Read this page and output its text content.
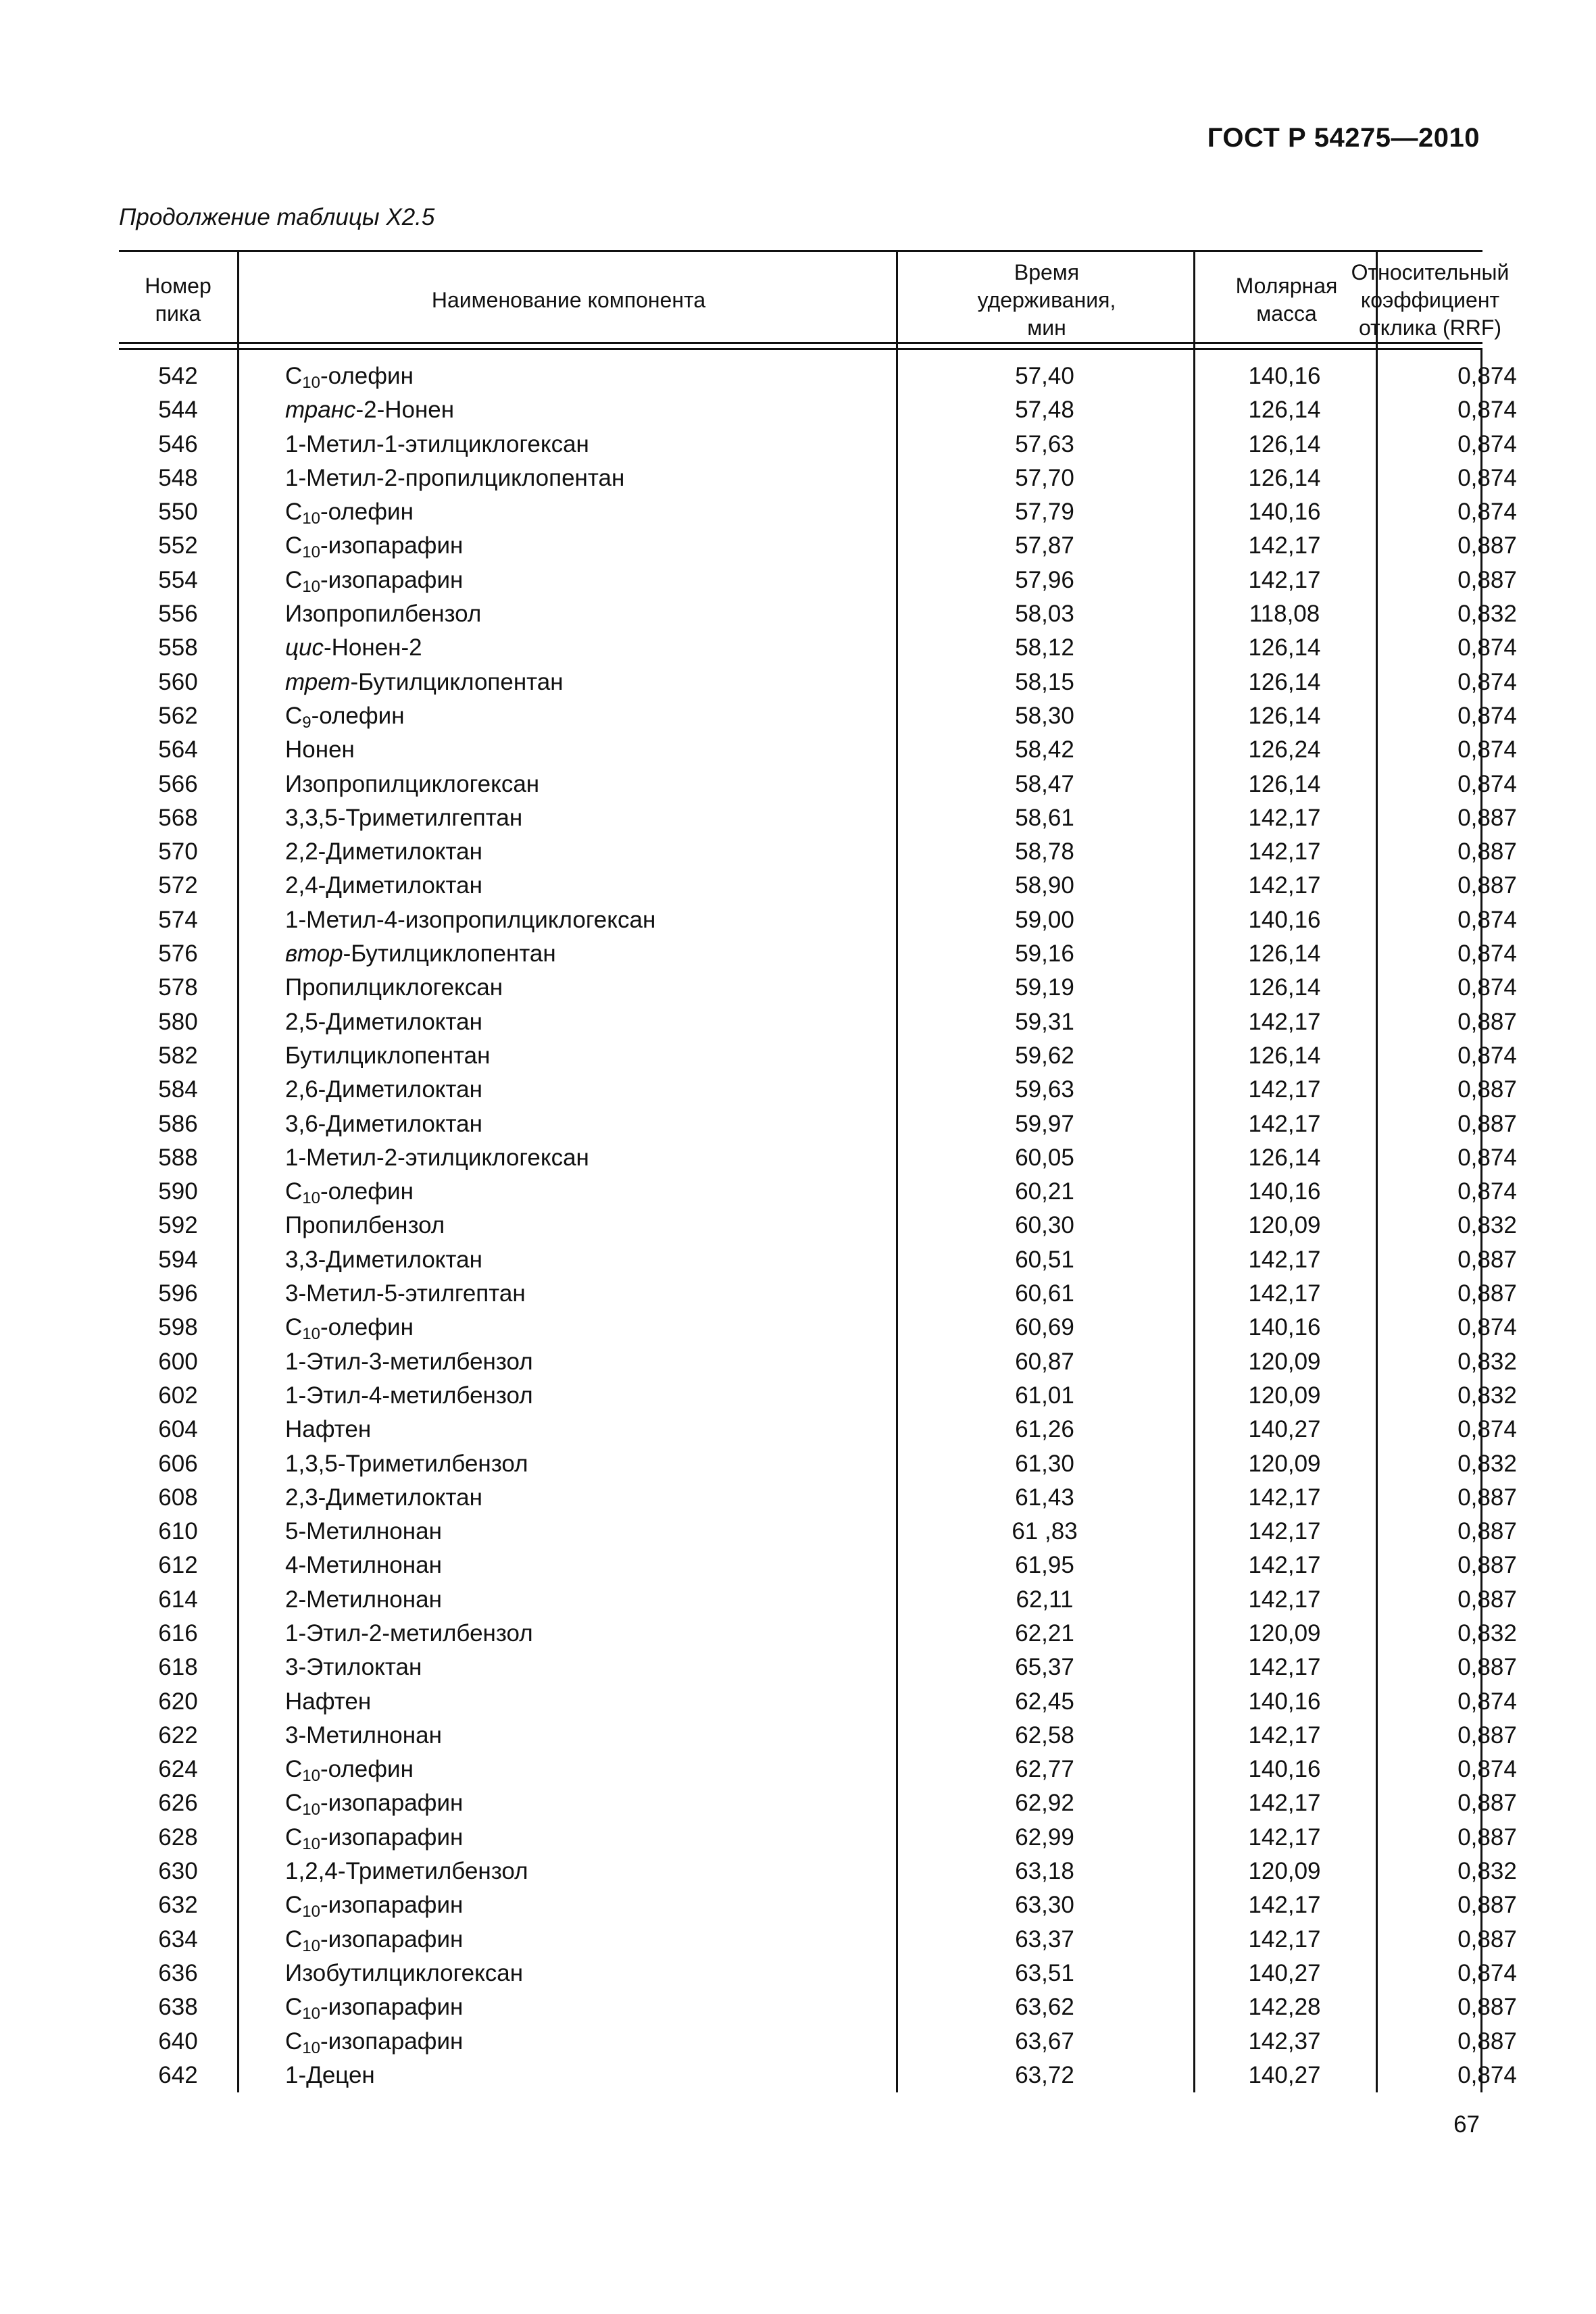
ГОСТ Р 54275—2010
Продолжение таблицы X2.5
Номер
пика
Наименование компонента
Время
удерживания,
мин
Молярная
масса
Относительный
коэффициент
отклика (RRF)
542	$C_{10}$-олефин	57,40	140,16	0,874
544	транс-2-Нонен	57,48	126,14	0,874
546	1-Метил-1-этилциклогексан	57,63	126,14	0,874
548	1-Метил-2-пропилциклопентан	57,70	126,14	0,874
550	$C_{10}$-олефин	57,79	140,16	0,874
552	$C_{10}$-изопарафин	57,87	142,17	0,887
554	$C_{10}$-изопарафин	57,96	142,17	0,887
556	Изопропилбензол	58,03	118,08	0,832
558	цис-Нонен-2	58,12	126,14	0,874
560	трет-Бутилциклопентан	58,15	126,14	0,874
562	$C_9$-олефин	58,30	126,14	0,874
564	Нонен	58,42	126,24	0,874
566	Изопропилциклогексан	58,47	126,14	0,874
568	3,3,5-Триметилгептан	58,61	142,17	0,887
570	2,2-Диметилоктан	58,78	142,17	0,887
572	2,4-Диметилоктан	58,90	142,17	0,887
574	1-Метил-4-изопропилциклогексан	59,00	140,16	0,874
576	втор-Бутилциклопентан	59,16	126,14	0,874
578	Пропилциклогексан	59,19	126,14	0,874
580	2,5-Диметилоктан	59,31	142,17	0,887
582	Бутилциклопентан	59,62	126,14	0,874
584	2,6-Диметилоктан	59,63	142,17	0,887
586	3,6-Диметилоктан	59,97	142,17	0,887
588	1-Метил-2-этилциклогексан	60,05	126,14	0,874
590	$C_{10}$-олефин	60,21	140,16	0,874
592	Пропилбензол	60,30	120,09	0,832
594	3,3-Диметилоктан	60,51	142,17	0,887
596	3-Метил-5-этилгептан	60,61	142,17	0,887
598	$C_{10}$-олефин	60,69	140,16	0,874
600	1-Этил-3-метилбензол	60,87	120,09	0,832
602	1-Этил-4-метилбензол	61,01	120,09	0,832
604	Нафтен	61,26	140,27	0,874
606	1,3,5-Триметилбензол	61,30	120,09	0,832
608	2,3-Диметилоктан	61,43	142,17	0,887
610	5-Метилнонан	61 ,83	142,17	0,887
612	4-Метилнонан	61,95	142,17	0,887
614	2-Метилнонан	62,11	142,17	0,887
616	1-Этил-2-метилбензол	62,21	120,09	0,832
618	3-Этилоктан	65,37	142,17	0,887
620	Нафтен	62,45	140,16	0,874
622	3-Метилнонан	62,58	142,17	0,887
624	$C_{10}$-олефин	62,77	140,16	0,874
626	$C_{10}$-изопарафин	62,92	142,17	0,887
628	$C_{10}$-изопарафин	62,99	142,17	0,887
630	1,2,4-Триметилбензол	63,18	120,09	0,832
632	$C_{10}$-изопарафин	63,30	142,17	0,887
634	$C_{10}$-изопарафин	63,37	142,17	0,887
636	Изобутилциклогексан	63,51	140,27	0,874
638	$C_{10}$-изопарафин	63,62	142,28	0,887
640	$C_{10}$-изопарафин	63,67	142,37	0,887
642	1-Децен	63,72	140,27	0,874
67
